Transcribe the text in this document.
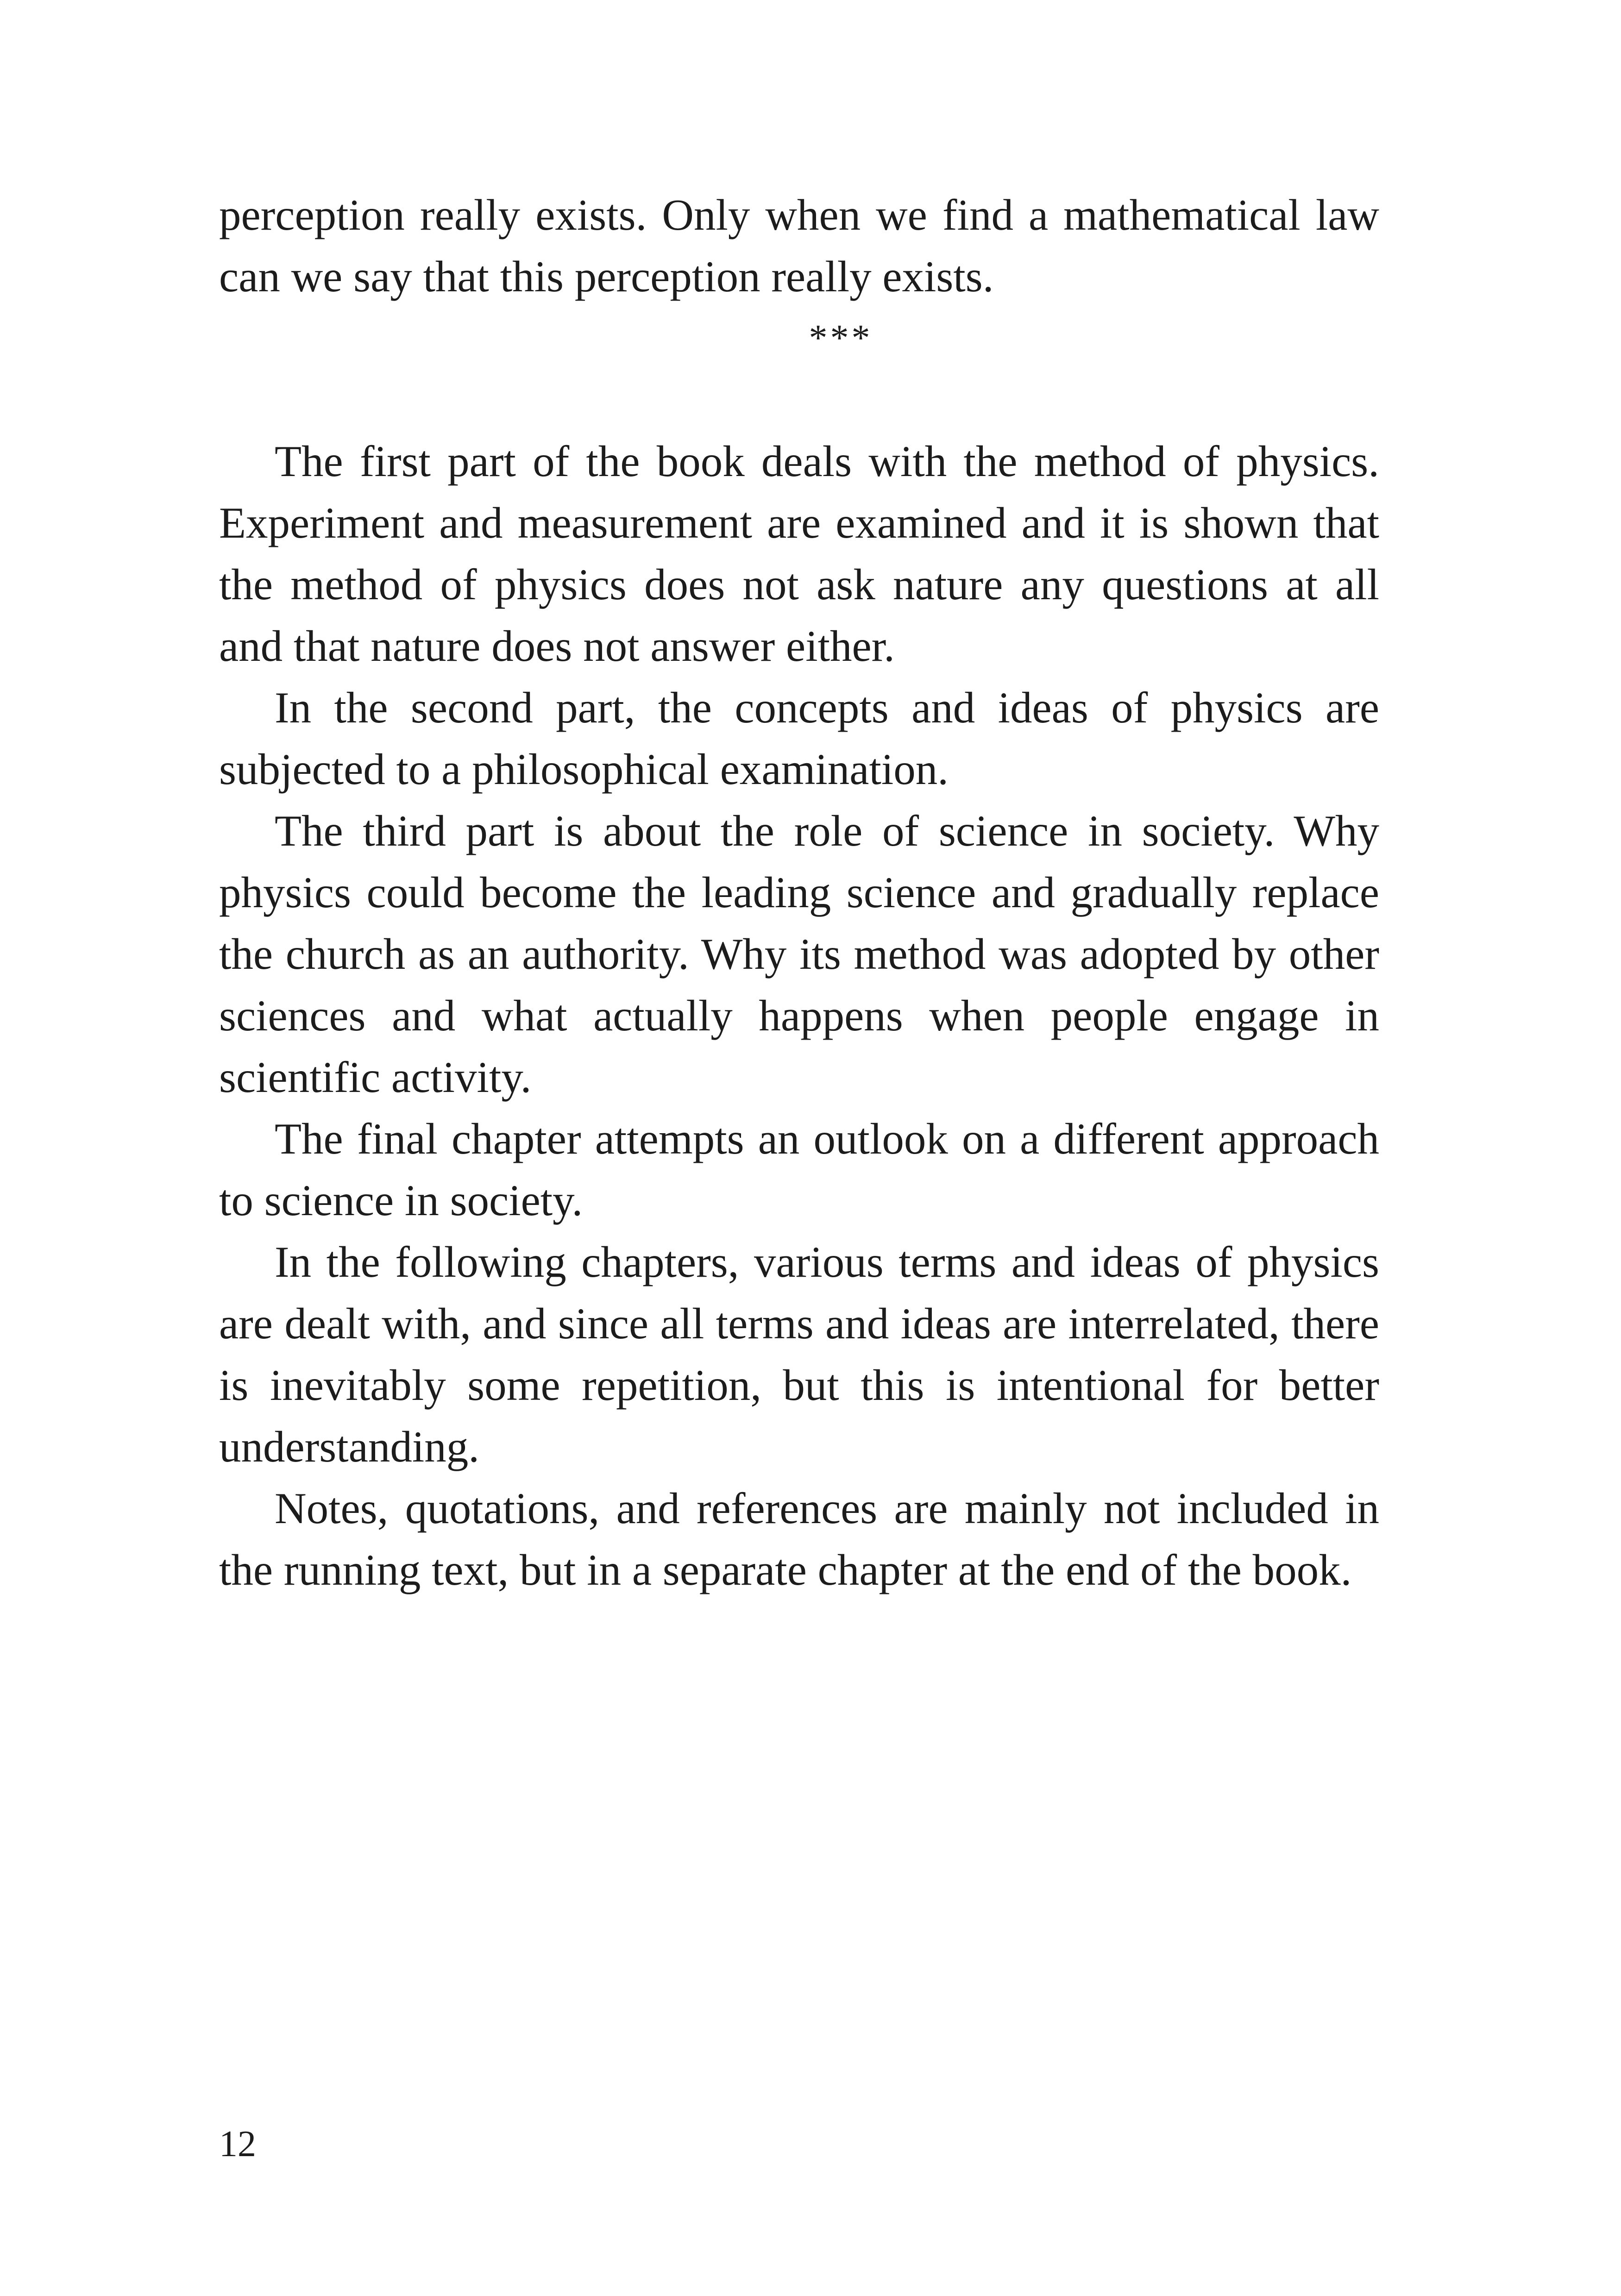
perception really exists. Only when we find a mathematical law can we say that this perception really exists.

***

The first part of the book deals with the method of physics. Experiment and measurement are examined and it is shown that the method of physics does not ask nature any questions at all and that nature does not answer either.

In the second part, the concepts and ideas of physics are subjected to a philosophical examination.

The third part is about the role of science in society. Why physics could become the leading science and gradually replace the church as an authority. Why its method was adopted by other sciences and what actually happens when people engage in scientific activity.

The final chapter attempts an outlook on a different approach to science in society.

In the following chapters, various terms and ideas of physics are dealt with, and since all terms and ideas are interrelated, there is inevitably some repetition, but this is intentional for better understanding.

Notes, quotations, and references are mainly not included in the running text, but in a separate chapter at the end of the book.

12
